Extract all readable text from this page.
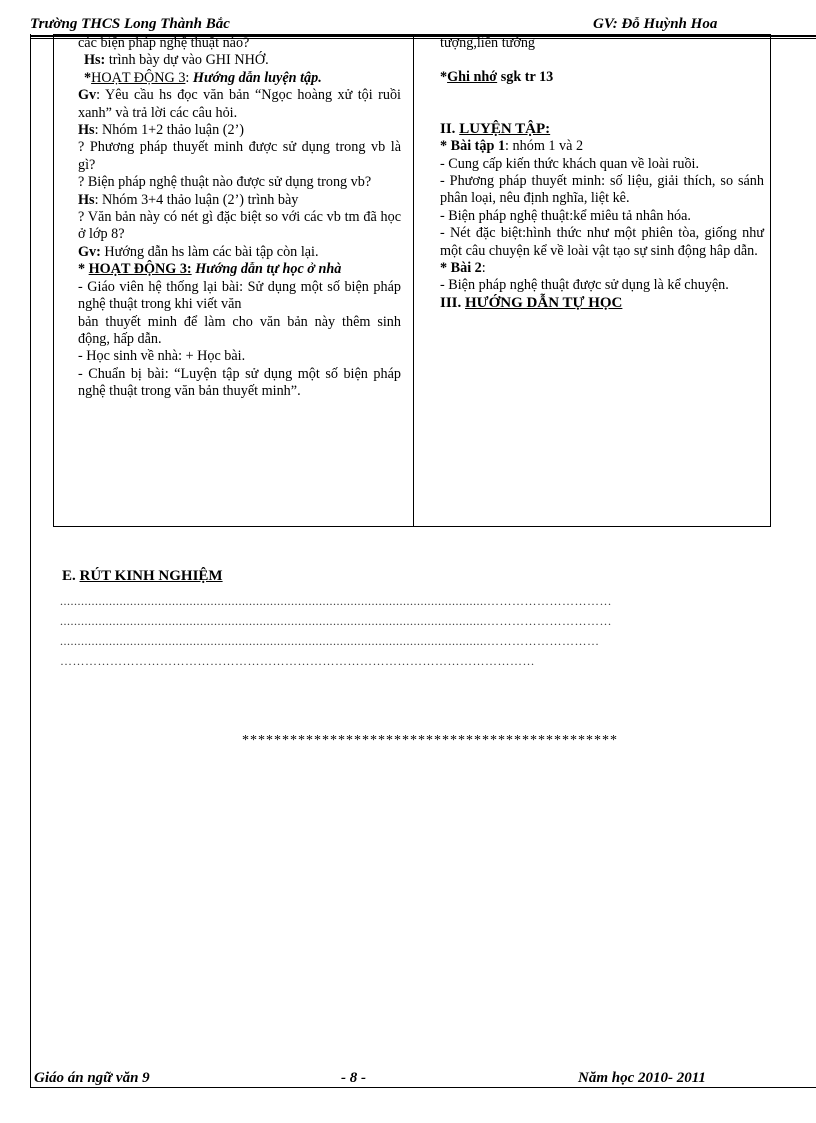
Trường THCS Long Thành Bắc	GV: Đỗ Huỳnh Hoa

các biện pháp nghệ thuật nào?

Hs: trình bày dự vào GHI NHỚ.

*HOẠT ĐỘNG 3: Hướng dẫn luyện tập.

Gv: Yêu cầu hs đọc văn bản “Ngọc hoàng xử tội ruồi xanh” và trả lời các câu hỏi.

Hs: Nhóm 1+2 thảo luận (2’)

? Phương pháp thuyết minh được sử dụng trong vb là gì?

? Biện pháp nghệ thuật nào được sử dụng trong vb?

Hs: Nhóm 3+4 thảo luận (2’) trình bày

? Văn bản này có nét gì đặc biệt so với các vb tm đã học ở lớp 8?

Gv: Hướng dẫn hs làm các bài tập còn lại.

* HOẠT ĐỘNG 3: Hướng dẫn tự học ở nhà

- Giáo viên hệ thống lại bài: Sử dụng một số biện pháp nghệ thuật trong khi viết văn

bản thuyết minh để làm cho văn bản này thêm sinh động, hấp dẫn.

- Học sinh về nhà: + Học bài.

- Chuẩn bị bài: “Luyện tập sử dụng một số biện pháp nghệ thuật trong văn bản thuyết minh”.

tượng,liên tưởng

*Ghi nhớ sgk tr 13

II. LUYỆN TẬP:

* Bài tập 1: nhóm 1 và 2

- Cung cấp kiến thức khách quan về loài ruồi.

- Phương pháp thuyết minh: số liệu, giải thích, so sánh phân loại, nêu định nghĩa, liệt kê.

- Biện pháp nghệ thuật:kể miêu tả nhân hóa.

- Nét đặc biệt:hình thức như một phiên tòa, giống như một câu chuyện kể về loài vật tạo sự sinh động hâp dẫn.

* Bài 2:

- Biện pháp nghệ thuật được sử dụng là kể chuyện.

III. HƯỚNG DẪN TỰ HỌC

E. RÚT KINH NGHIỆM
..........................................................................................................................…………………………
..........................................................................................................................…………………………
..........................................................................................................................………………………
……………………………………………………………………………………………………
***********************************************
Giáo án ngữ văn 9	- 8 -	Năm học 2010- 2011
